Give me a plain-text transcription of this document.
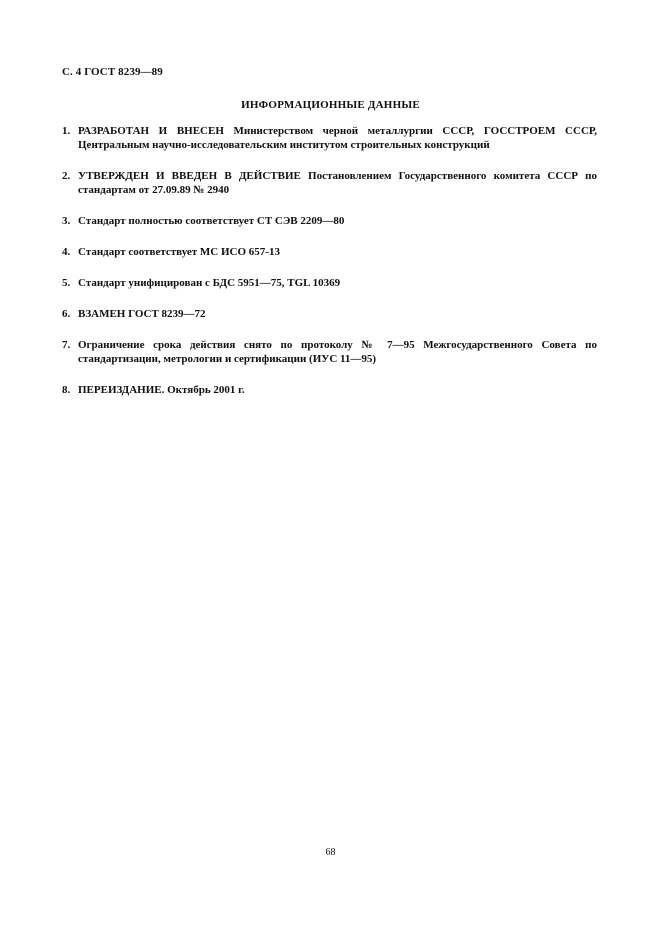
С. 4 ГОСТ 8239—89
ИНФОРМАЦИОННЫЕ ДАННЫЕ
1. РАЗРАБОТАН И ВНЕСЕН Министерством черной металлургии СССР, ГОССТРОЕМ СССР, Центральным научно-исследовательским институтом строительных конструкций
2. УТВЕРЖДЕН И ВВЕДЕН В ДЕЙСТВИЕ Постановлением Государственного комитета СССР по стандартам от 27.09.89 № 2940
3. Стандарт полностью соответствует СТ СЭВ 2209—80
4. Стандарт соответствует МС ИСО 657-13
5. Стандарт унифицирован с БДС 5951—75, TGL 10369
6. ВЗАМЕН ГОСТ 8239—72
7. Ограничение срока действия снято по протоколу № 7—95 Межгосударственного Совета по стандартизации, метрологии и сертификации (ИУС 11—95)
8. ПЕРЕИЗДАНИЕ. Октябрь 2001 г.
68
